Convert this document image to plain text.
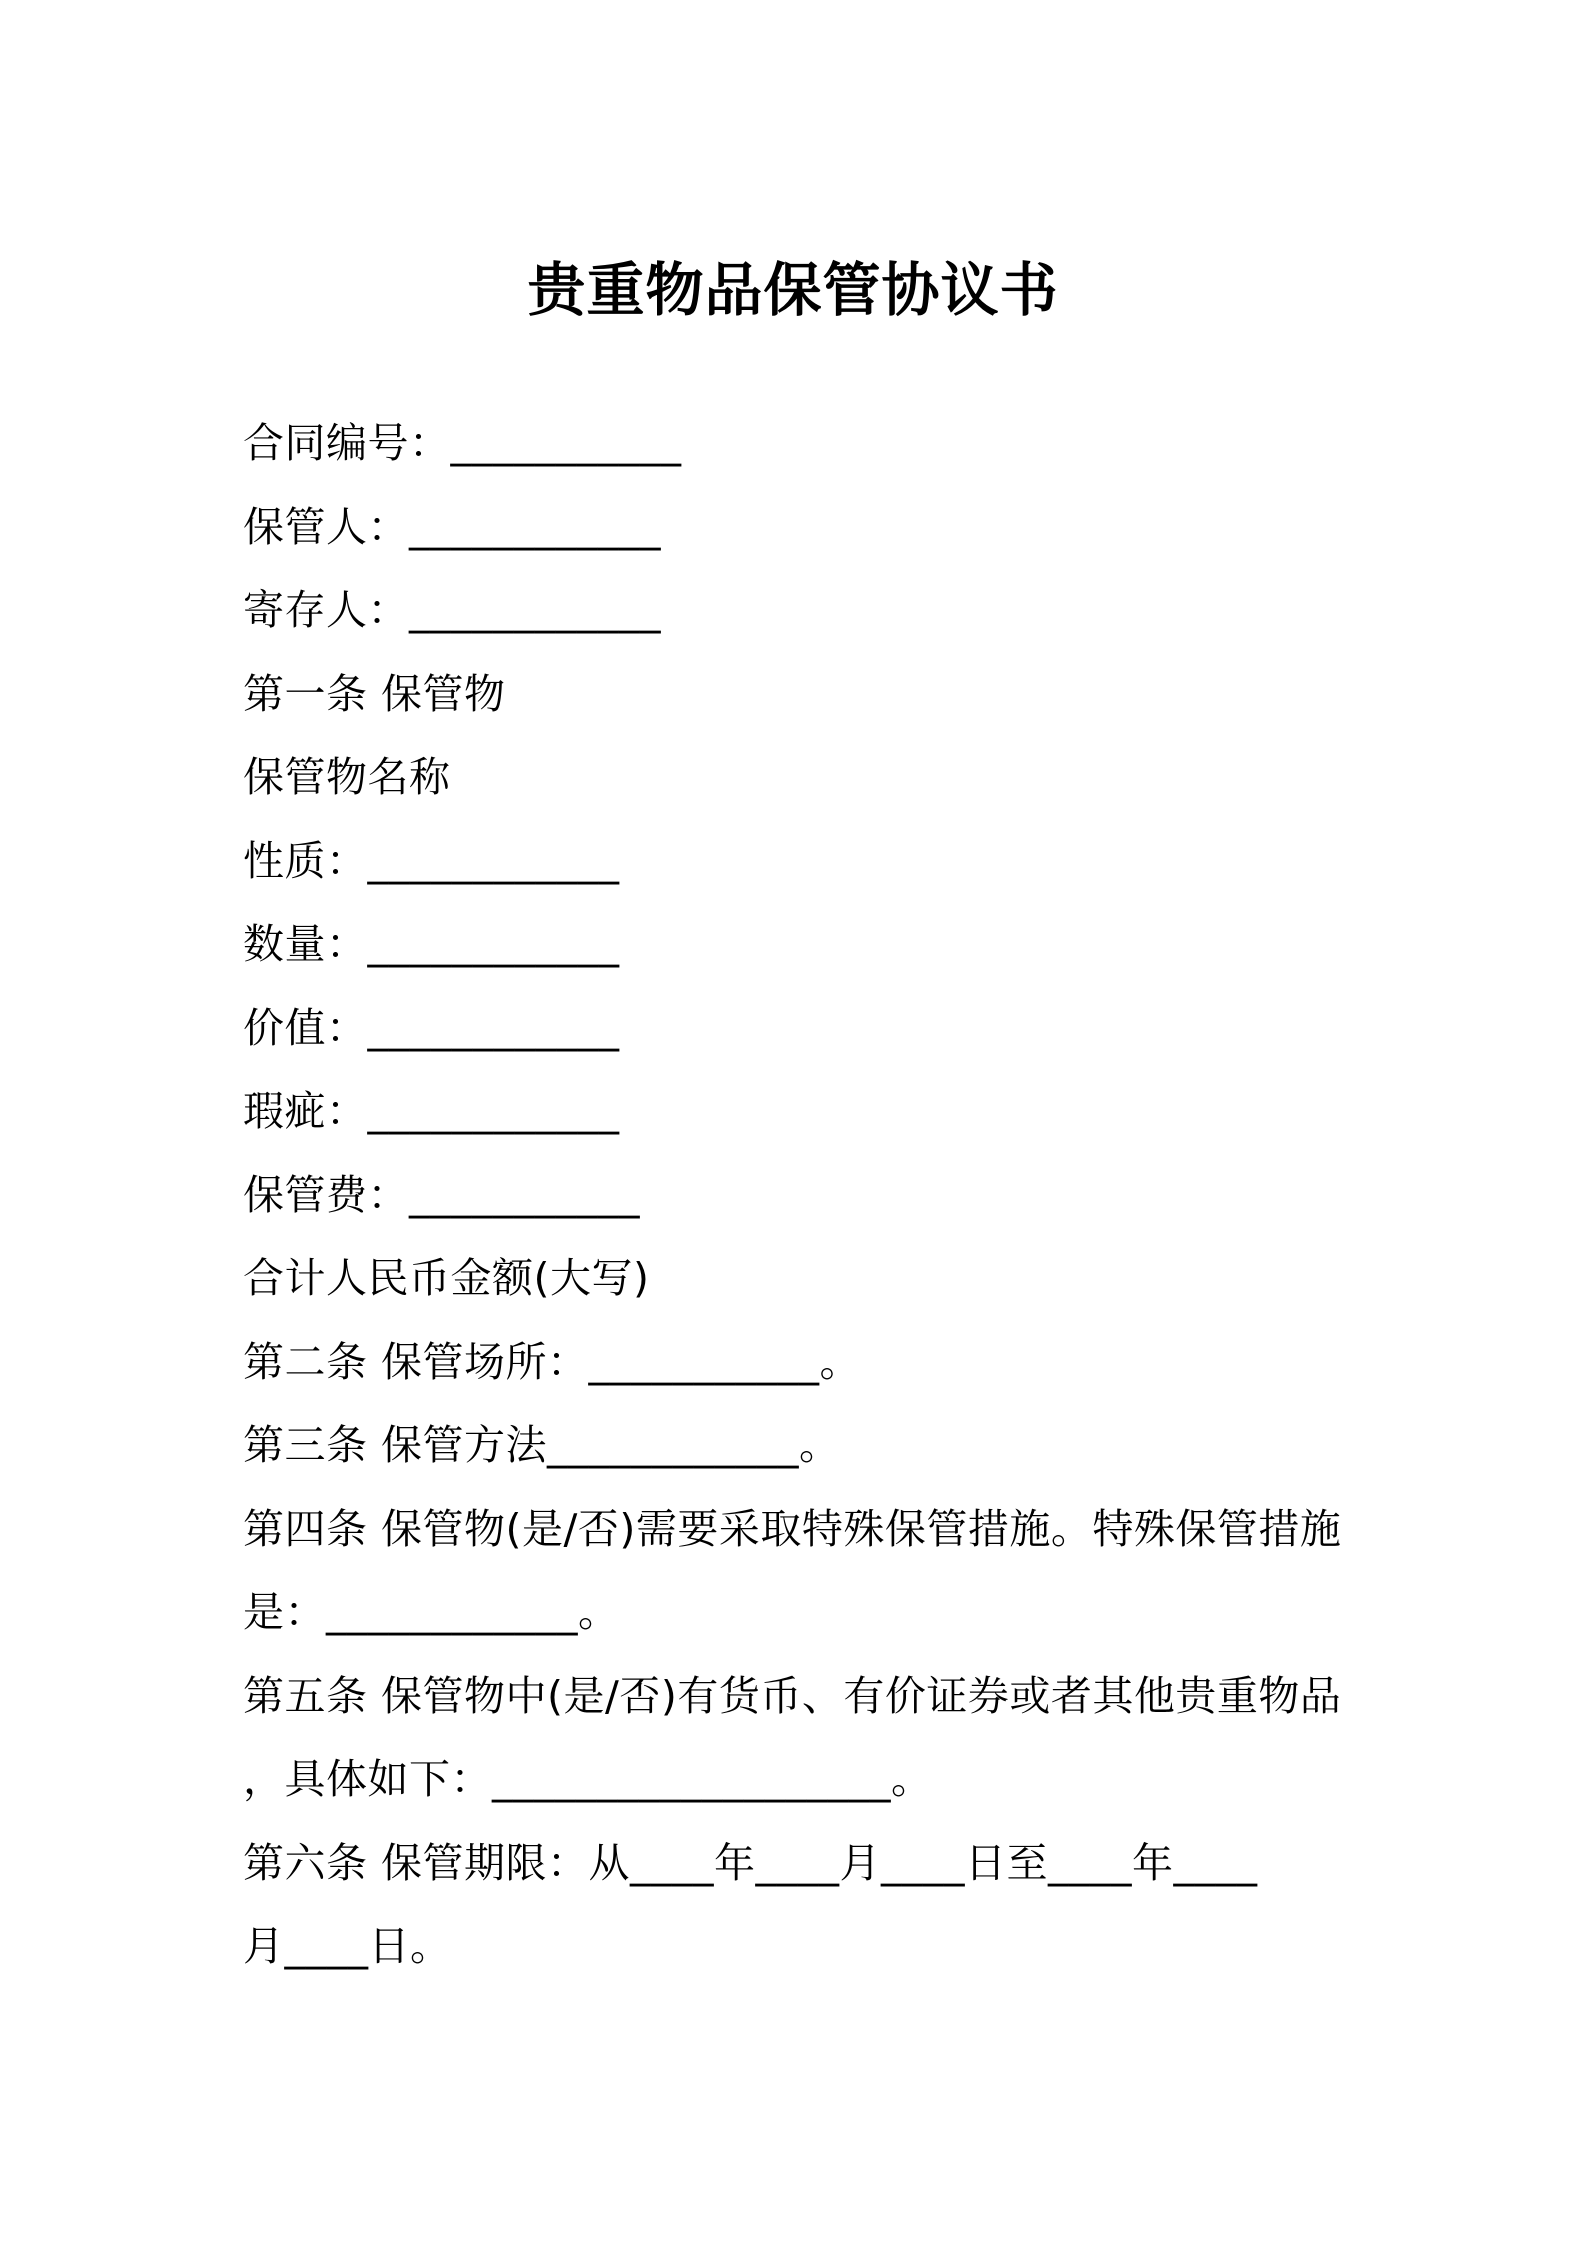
贵重物品保管协议书
合同编号：___________
保管人：____________
寄存人：____________
第一条 保管物
保管物名称
性质：____________
数量：____________
价值：____________
瑕疵：____________
保管费：___________
合计人民币金额(大写)
第二条 保管场所：___________。
第三条 保管方法____________。
第四条 保管物(是/否)需要采取特殊保管措施。特殊保管措施
是：____________。
第五条 保管物中(是/否)有货币、有价证券或者其他贵重物品
，具体如下：___________________。
第六条 保管期限：从____年____月____日至____年____
月____日。
